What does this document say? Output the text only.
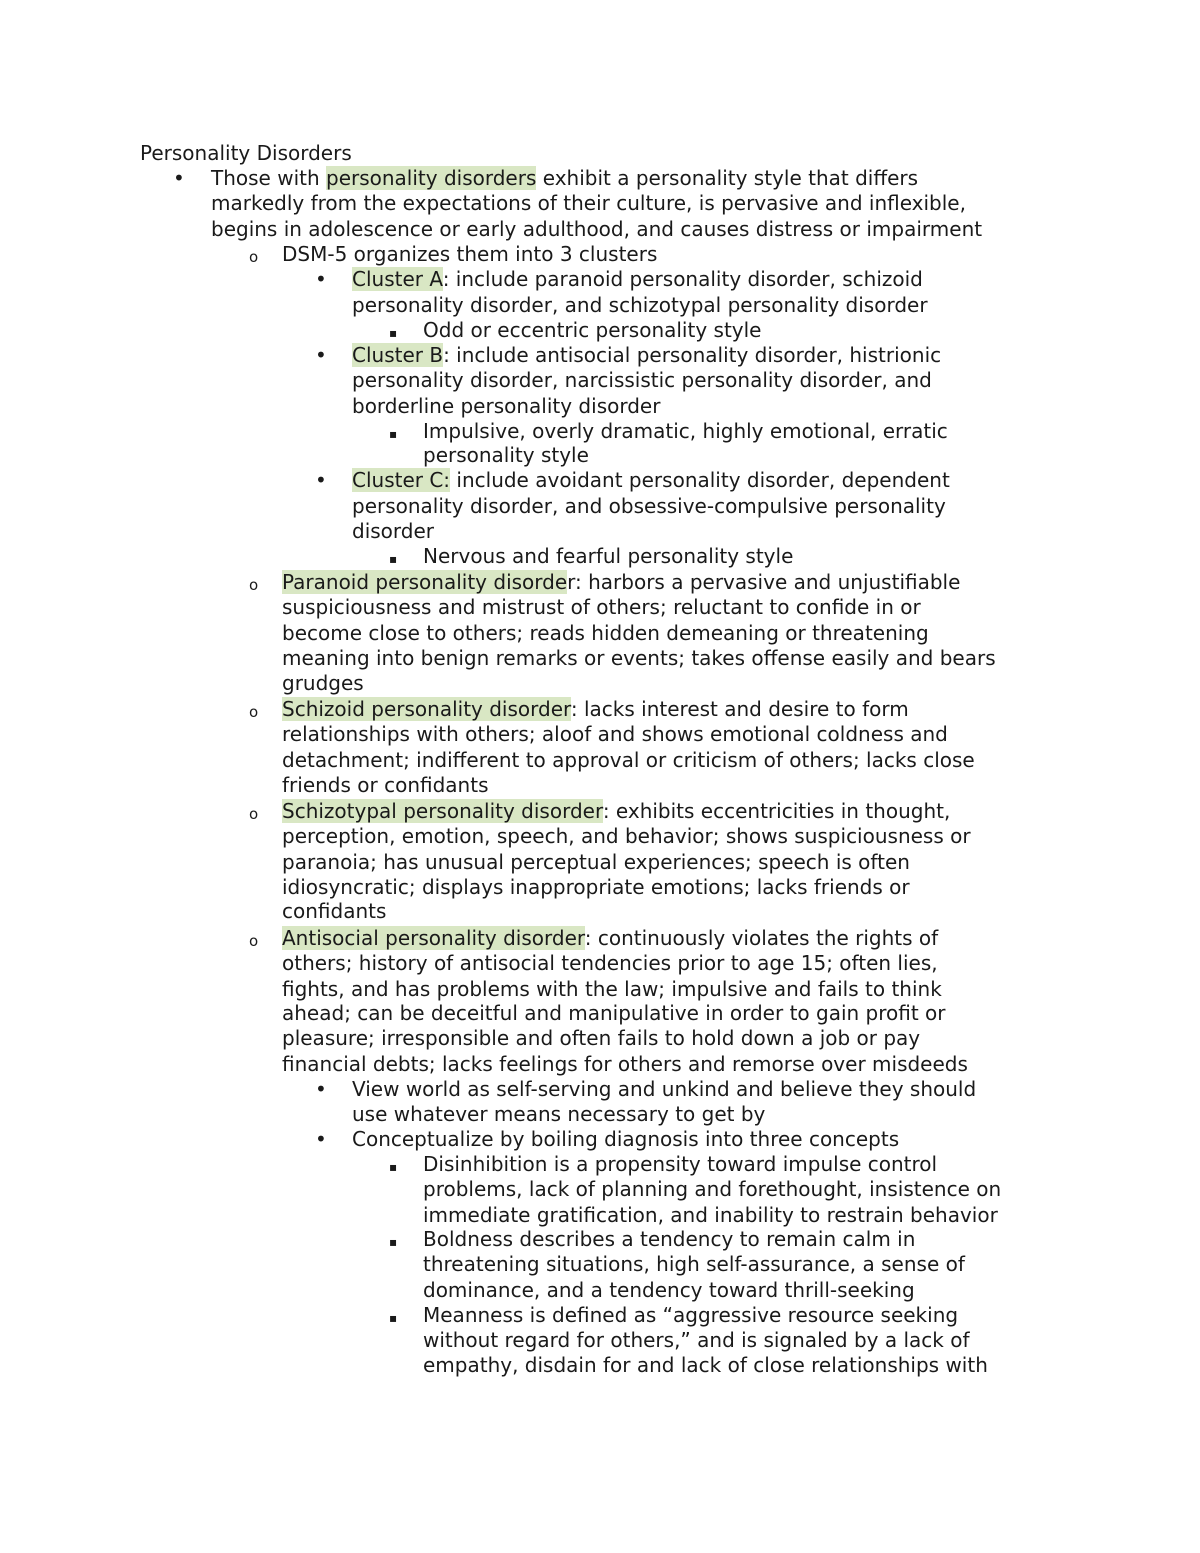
Personality Disorders
• Those with personality disorders exhibit a personality style that differs
markedly from the expectations of their culture, is pervasive and inflexible,
begins in adolescence or early adulthood, and causes distress or impairment
o DSM-5 organizes them into 3 clusters
• Cluster A: include paranoid personality disorder, schizoid
personality disorder, and schizotypal personality disorder
▪ Odd or eccentric personality style
• Cluster B: include antisocial personality disorder, histrionic
personality disorder, narcissistic personality disorder, and
borderline personality disorder
▪ Impulsive, overly dramatic, highly emotional, erratic
personality style
• Cluster C: include avoidant personality disorder, dependent
personality disorder, and obsessive-compulsive personality
disorder
▪ Nervous and fearful personality style
o Paranoid personality disorder: harbors a pervasive and unjustifiable
suspiciousness and mistrust of others; reluctant to confide in or
become close to others; reads hidden demeaning or threatening
meaning into benign remarks or events; takes offense easily and bears
grudges
o Schizoid personality disorder: lacks interest and desire to form
relationships with others; aloof and shows emotional coldness and
detachment; indifferent to approval or criticism of others; lacks close
friends or confidants
o Schizotypal personality disorder: exhibits eccentricities in thought,
perception, emotion, speech, and behavior; shows suspiciousness or
paranoia; has unusual perceptual experiences; speech is often
idiosyncratic; displays inappropriate emotions; lacks friends or
confidants
o Antisocial personality disorder: continuously violates the rights of
others; history of antisocial tendencies prior to age 15; often lies,
fights, and has problems with the law; impulsive and fails to think
ahead; can be deceitful and manipulative in order to gain profit or
pleasure; irresponsible and often fails to hold down a job or pay
financial debts; lacks feelings for others and remorse over misdeeds
• View world as self-serving and unkind and believe they should
use whatever means necessary to get by
• Conceptualize by boiling diagnosis into three concepts
▪ Disinhibition is a propensity toward impulse control
problems, lack of planning and forethought, insistence on
immediate gratification, and inability to restrain behavior
▪ Boldness describes a tendency to remain calm in
threatening situations, high self-assurance, a sense of
dominance, and a tendency toward thrill-seeking
▪ Meanness is defined as “aggressive resource seeking
without regard for others,” and is signaled by a lack of
empathy, disdain for and lack of close relationships with
